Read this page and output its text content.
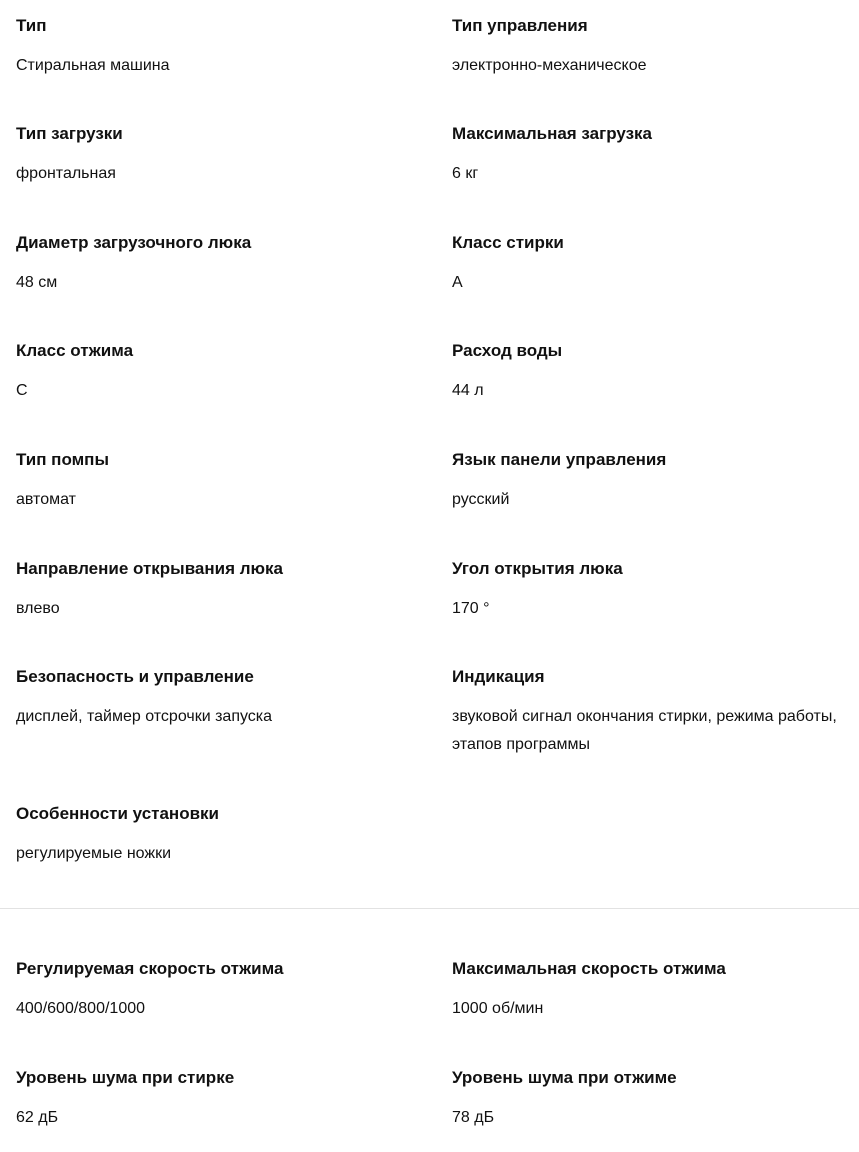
Тип
Стиральная машина
Тип управления
электронно-механическое
Тип загрузки
фронтальная
Максимальная загрузка
6 кг
Диаметр загрузочного люка
48 см
Класс стирки
A
Класс отжима
C
Расход воды
44 л
Тип помпы
автомат
Язык панели управления
русский
Направление открывания люка
влево
Угол открытия люка
170 °
Безопасность и управление
дисплей, таймер отсрочки запуска
Индикация
звуковой сигнал окончания стирки, режима работы, этапов программы
Особенности установки
регулируемые ножки
Регулируемая скорость отжима
400/600/800/1000
Максимальная скорость отжима
1000 об/мин
Уровень шума при стирке
62 дБ
Уровень шума при отжиме
78 дБ
